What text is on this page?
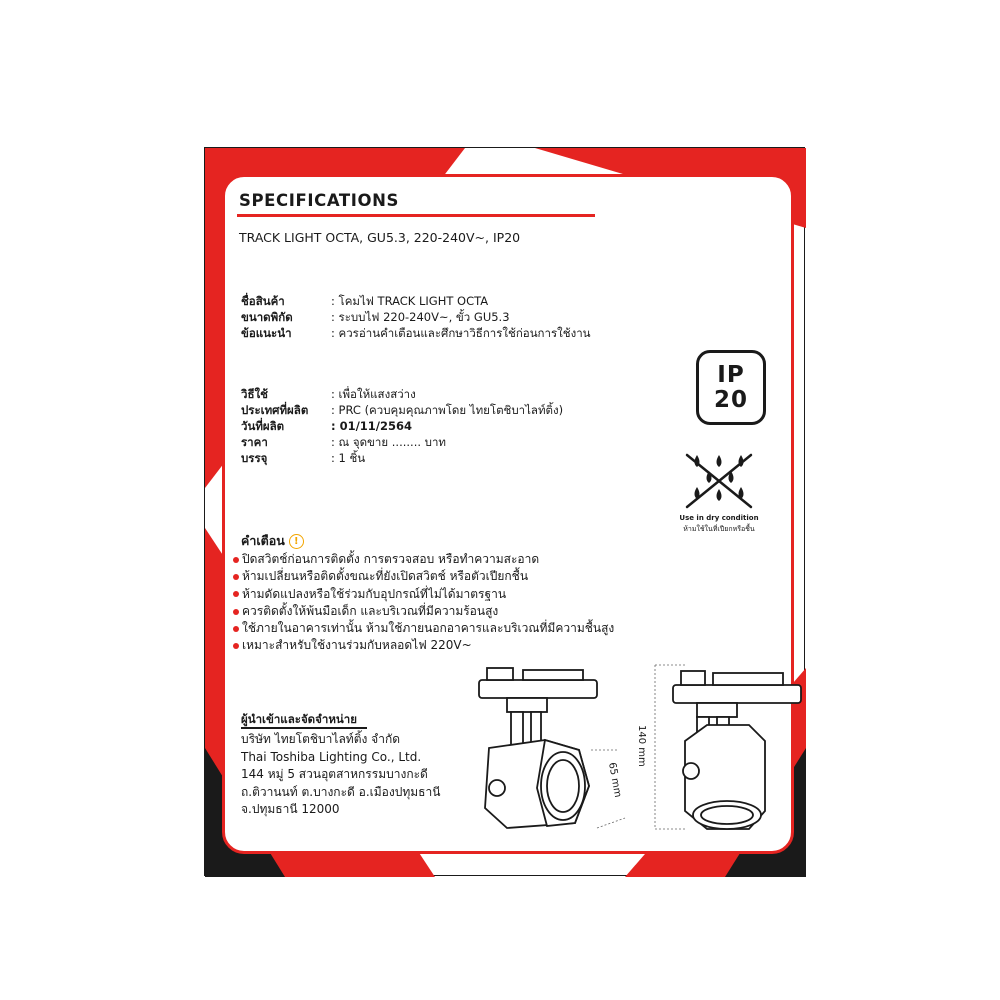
SPECIFICATIONS
TRACK LIGHT OCTA, GU5.3, 220-240V~, IP20
ชื่อสินค้า	: โคมไฟ TRACK LIGHT OCTA
ขนาดพิกัด	: ระบบไฟ 220-240V~, ขั้ว GU5.3
ข้อแนะนำ	: ควรอ่านคำเตือนและศึกษาวิธีการใช้ก่อนการใช้งาน
วิธีใช้	: เพื่อให้แสงสว่าง
ประเทศที่ผลิต	: PRC (ควบคุมคุณภาพโดย ไทยโตชิบาไลท์ติ้ง)
วันที่ผลิต	: 01/11/2564
ราคา	: ณ จุดขาย ........ บาท
บรรจุ	: 1 ชิ้น
IP
20
Use in dry condition
ห้ามใช้ในที่เปียกหรือชื้น
คำเตือน !
ปิดสวิตช์ก่อนการติดตั้ง การตรวจสอบ หรือทำความสะอาด
ห้ามเปลี่ยนหรือติดตั้งขณะที่ยังเปิดสวิตช์ หรือตัวเปียกชื้น
ห้ามดัดแปลงหรือใช้ร่วมกับอุปกรณ์ที่ไม่ได้มาตรฐาน
ควรติดตั้งให้พ้นมือเด็ก และบริเวณที่มีความร้อนสูง
ใช้ภายในอาคารเท่านั้น ห้ามใช้ภายนอกอาคารและบริเวณที่มีความชื้นสูง
เหมาะสำหรับใช้งานร่วมกับหลอดไฟ 220V~
ผู้นำเข้าและจัดจำหน่าย
บริษัท ไทยโตชิบาไลท์ติ้ง จำกัด
Thai Toshiba Lighting Co., Ltd.
144 หมู่ 5 สวนอุตสาหกรรมบางกะดี
ถ.ติวานนท์ ต.บางกะดี อ.เมืองปทุมธานี
จ.ปทุมธานี 12000
65 mm
140 mm
